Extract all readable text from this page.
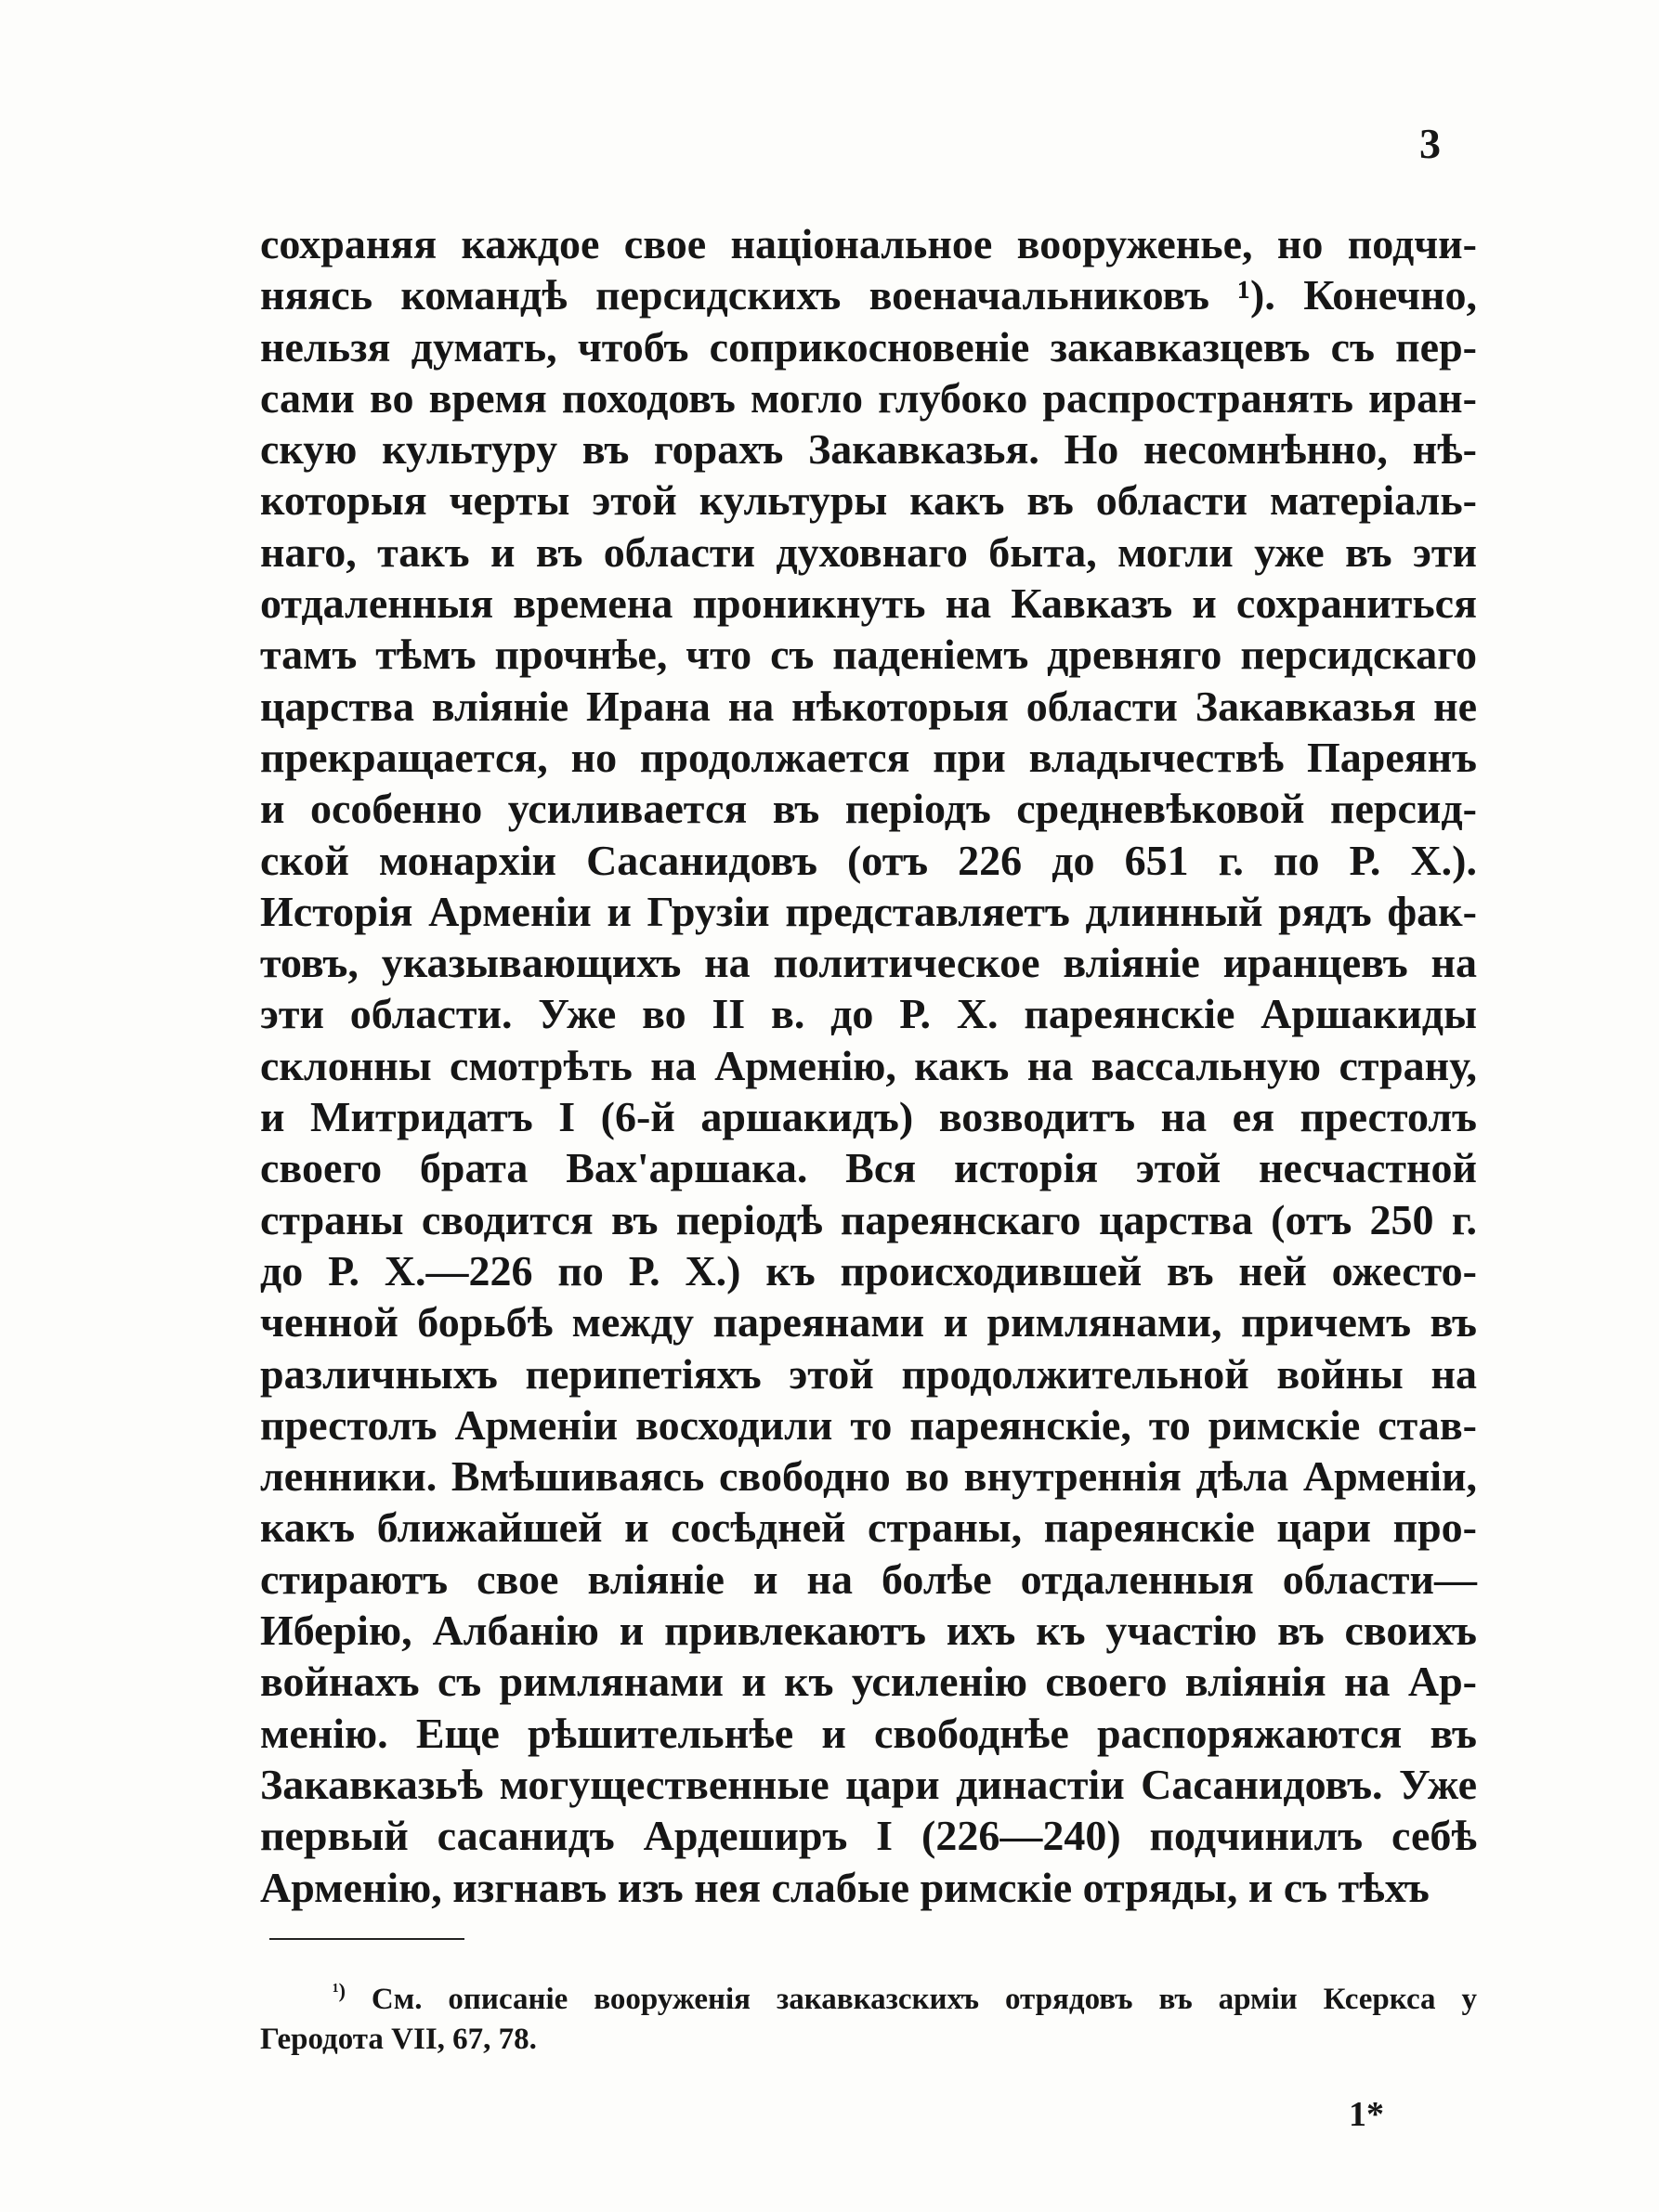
3
сохраняя каждое свое національное вооруженье, но подчи-
няясь командѣ персидскихъ военачальниковъ ¹). Конечно,
нельзя думать, чтобъ соприкосновеніе закавказцевъ съ пер-
сами во время походовъ могло глубоко распространять иран-
скую культуру въ горахъ Закавказья. Но несомнѣнно, нѣ-
которыя черты этой культуры какъ въ области матеріаль-
наго, такъ и въ области духовнаго быта, могли уже въ эти
отдаленныя времена проникнуть на Кавказъ и сохраниться
тамъ тѣмъ прочнѣе, что съ паденіемъ древняго персидскаго
царства вліяніе Ирана на нѣкоторыя области Закавказья не
прекращается, но продолжается при владычествѣ Пареянъ
и особенно усиливается въ періодъ средневѣковой персид-
ской монархіи Сасанидовъ (отъ 226 до 651 г. по Р. Х.).
Исторія Арменіи и Грузіи представляетъ длинный рядъ фак-
товъ, указывающихъ на политическое вліяніе иранцевъ на
эти области. Уже во II в. до Р. Х. пареянскіе Аршакиды
склонны смотрѣть на Арменію, какъ на вассальную страну,
и Митридатъ I (6-й аршакидъ) возводитъ на ея престолъ
своего брата Вах'аршака. Вся исторія этой несчастной
страны сводится въ періодѣ пареянскаго царства (отъ 250 г.
до Р. Х.—226 по Р. Х.) къ происходившей въ ней ожесто-
ченной борьбѣ между пареянами и римлянами, причемъ въ
различныхъ перипетіяхъ этой продолжительной войны на
престолъ Арменіи восходили то пареянскіе, то римскіе став-
ленники. Вмѣшиваясь свободно во внутреннія дѣла Арменіи,
какъ ближайшей и сосѣдней страны, пареянскіе цари про-
стираютъ свое вліяніе и на болѣе отдаленныя области—
Иберію, Албанію и привлекаютъ ихъ къ участію въ своихъ
войнахъ съ римлянами и къ усиленію своего вліянія на Ар-
менію. Еще рѣшительнѣе и свободнѣе распоряжаются въ
Закавказьѣ могущественные цари династіи Сасанидовъ. Уже
первый сасанидъ Ардеширъ I (226—240) подчинилъ себѣ
Арменію, изгнавъ изъ нея слабые римскіе отряды, и съ тѣхъ
$^{^1)}$ См. описаніе вооруженія закавказскихъ отрядовъ въ арміи Ксеркса у
Геродота VII, 67, 78.
1*
